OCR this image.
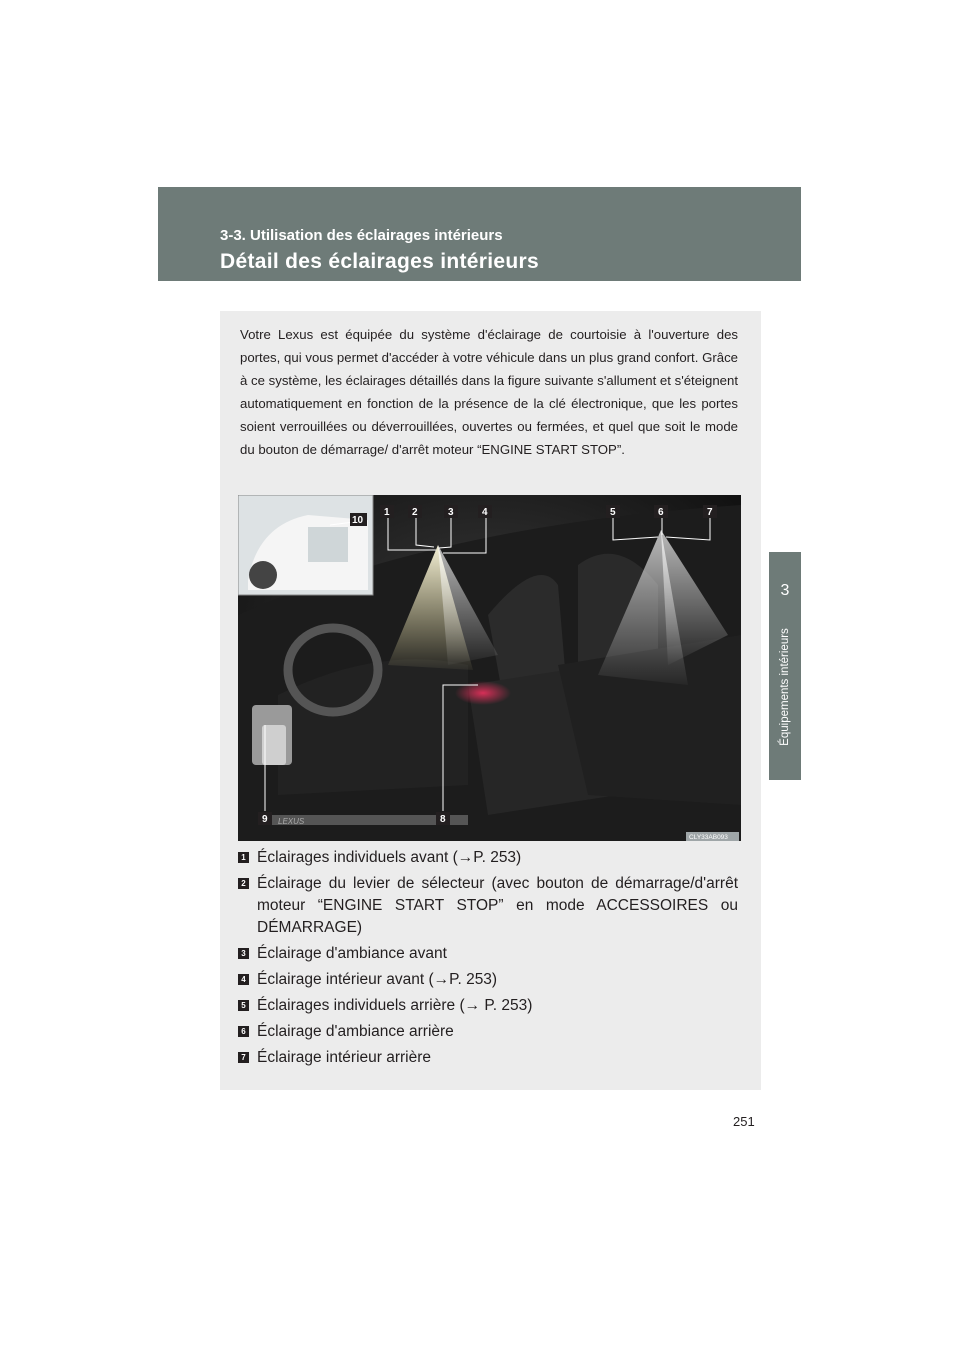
3-3. Utilisation des éclairages intérieurs
Détail des éclairages intérieurs
3
Équipements intérieurs

Votre Lexus est équipée du système d'éclairage de courtoisie à l'ouverture des portes, qui vous permet d'accéder à votre véhicule dans un plus grand confort. Grâce à ce système, les éclairages détaillés dans la figure suivante s'allument et s'éteignent automatiquement en fonction de la présence de la clé électronique, que les portes soient verrouillées ou déverrouillées, ouvertes ou fermées, et quel que soit le mode du bouton de démarrage/ d'arrêt moteur “ENGINE START STOP”.

LEXUS
1 2	3	4	5	6	7
8
9
10
CLY33AB093
1 Éclairages individuels avant (→P. 253)
2 Éclairage du levier de sélecteur (avec bouton de démarrage/d'arrêt moteur “ENGINE START STOP” en mode ACCESSOIRES ou DÉMARRAGE)
3 Éclairage d'ambiance avant
4 Éclairage intérieur avant (→P. 253)
5 Éclairages individuels arrière (→ P. 253)
6 Éclairage d'ambiance arrière
7 Éclairage intérieur arrière
251
